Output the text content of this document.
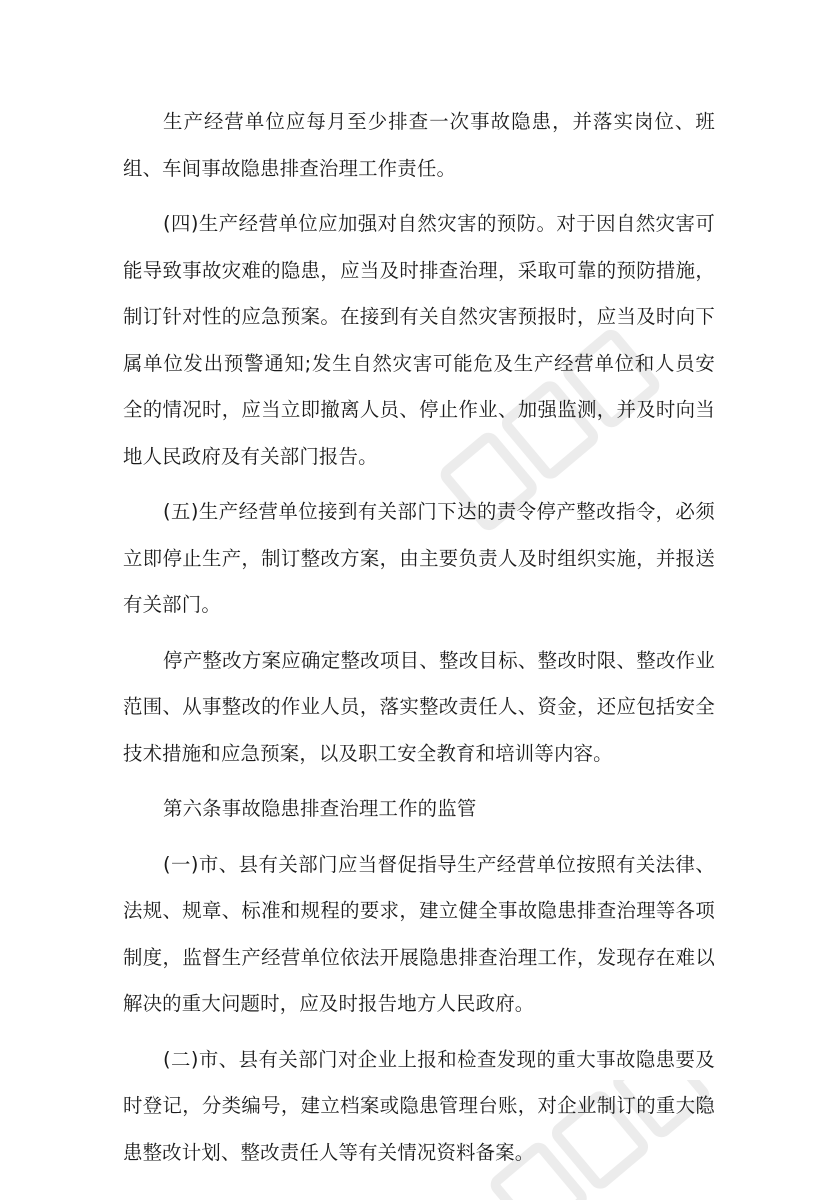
生产经营单位应每月至少排查一次事故隐患，并落实岗位、班组、车间事故隐患排查治理工作责任。

(四)生产经营单位应加强对自然灾害的预防。对于因自然灾害可能导致事故灾难的隐患，应当及时排查治理，采取可靠的预防措施，制订针对性的应急预案。在接到有关自然灾害预报时，应当及时向下属单位发出预警通知;发生自然灾害可能危及生产经营单位和人员安全的情况时，应当立即撤离人员、停止作业、加强监测，并及时向当地人民政府及有关部门报告。

(五)生产经营单位接到有关部门下达的责令停产整改指令，必须立即停止生产，制订整改方案，由主要负责人及时组织实施，并报送有关部门。

停产整改方案应确定整改项目、整改目标、整改时限、整改作业范围、从事整改的作业人员，落实整改责任人、资金，还应包括安全技术措施和应急预案，以及职工安全教育和培训等内容。

第六条事故隐患排查治理工作的监管

(一)市、县有关部门应当督促指导生产经营单位按照有关法律、法规、规章、标准和规程的要求，建立健全事故隐患排查治理等各项制度，监督生产经营单位依法开展隐患排查治理工作，发现存在难以解决的重大问题时，应及时报告地方人民政府。

(二)市、县有关部门对企业上报和检查发现的重大事故隐患要及时登记，分类编号，建立档案或隐患管理台账，对企业制订的重大隐患整改计划、整改责任人等有关情况资料备案。
